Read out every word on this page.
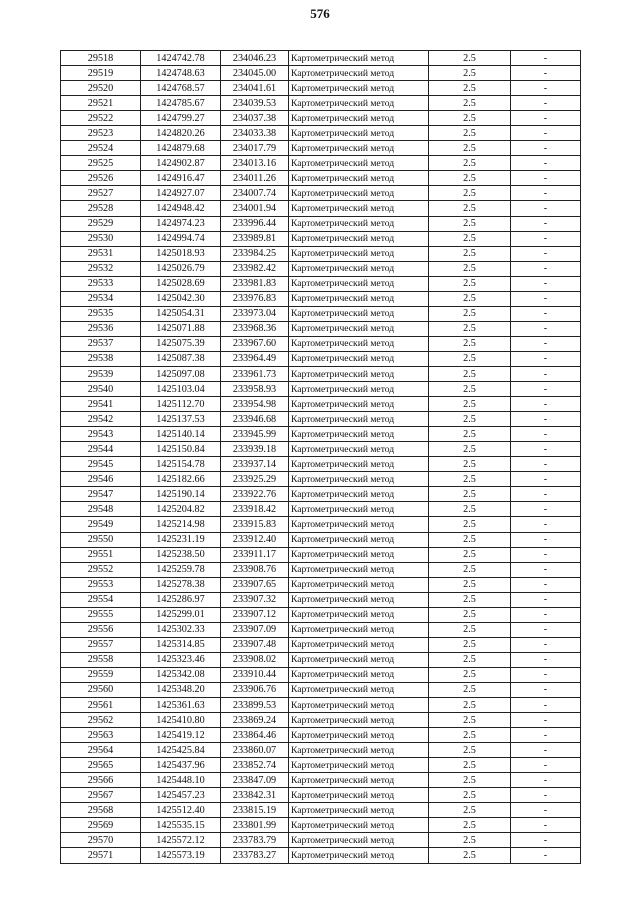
576
29518	1424742.78	234046.23	Картометрический метод	2.5	-
29519	1424748.63	234045.00	Картометрический метод	2.5	-
29520	1424768.57	234041.61	Картометрический метод	2.5	-
29521	1424785.67	234039.53	Картометрический метод	2.5	-
29522	1424799.27	234037.38	Картометрический метод	2.5	-
29523	1424820.26	234033.38	Картометрический метод	2.5	-
29524	1424879.68	234017.79	Картометрический метод	2.5	-
29525	1424902.87	234013.16	Картометрический метод	2.5	-
29526	1424916.47	234011.26	Картометрический метод	2.5	-
29527	1424927.07	234007.74	Картометрический метод	2.5	-
29528	1424948.42	234001.94	Картометрический метод	2.5	-
29529	1424974.23	233996.44	Картометрический метод	2.5	-
29530	1424994.74	233989.81	Картометрический метод	2.5	-
29531	1425018.93	233984.25	Картометрический метод	2.5	-
29532	1425026.79	233982.42	Картометрический метод	2.5	-
29533	1425028.69	233981.83	Картометрический метод	2.5	-
29534	1425042.30	233976.83	Картометрический метод	2.5	-
29535	1425054.31	233973.04	Картометрический метод	2.5	-
29536	1425071.88	233968.36	Картометрический метод	2.5	-
29537	1425075.39	233967.60	Картометрический метод	2.5	-
29538	1425087.38	233964.49	Картометрический метод	2.5	-
29539	1425097.08	233961.73	Картометрический метод	2.5	-
29540	1425103.04	233958.93	Картометрический метод	2.5	-
29541	1425112.70	233954.98	Картометрический метод	2.5	-
29542	1425137.53	233946.68	Картометрический метод	2.5	-
29543	1425140.14	233945.99	Картометрический метод	2.5	-
29544	1425150.84	233939.18	Картометрический метод	2.5	-
29545	1425154.78	233937.14	Картометрический метод	2.5	-
29546	1425182.66	233925.29	Картометрический метод	2.5	-
29547	1425190.14	233922.76	Картометрический метод	2.5	-
29548	1425204.82	233918.42	Картометрический метод	2.5	-
29549	1425214.98	233915.83	Картометрический метод	2.5	-
29550	1425231.19	233912.40	Картометрический метод	2.5	-
29551	1425238.50	233911.17	Картометрический метод	2.5	-
29552	1425259.78	233908.76	Картометрический метод	2.5	-
29553	1425278.38	233907.65	Картометрический метод	2.5	-
29554	1425286.97	233907.32	Картометрический метод	2.5	-
29555	1425299.01	233907.12	Картометрический метод	2.5	-
29556	1425302.33	233907.09	Картометрический метод	2.5	-
29557	1425314.85	233907.48	Картометрический метод	2.5	-
29558	1425323.46	233908.02	Картометрический метод	2.5	-
29559	1425342.08	233910.44	Картометрический метод	2.5	-
29560	1425348.20	233906.76	Картометрический метод	2.5	-
29561	1425361.63	233899.53	Картометрический метод	2.5	-
29562	1425410.80	233869.24	Картометрический метод	2.5	-
29563	1425419.12	233864.46	Картометрический метод	2.5	-
29564	1425425.84	233860.07	Картометрический метод	2.5	-
29565	1425437.96	233852.74	Картометрический метод	2.5	-
29566	1425448.10	233847.09	Картометрический метод	2.5	-
29567	1425457.23	233842.31	Картометрический метод	2.5	-
29568	1425512.40	233815.19	Картометрический метод	2.5	-
29569	1425535.15	233801.99	Картометрический метод	2.5	-
29570	1425572.12	233783.79	Картометрический метод	2.5	-
29571	1425573.19	233783.27	Картометрический метод	2.5	-
